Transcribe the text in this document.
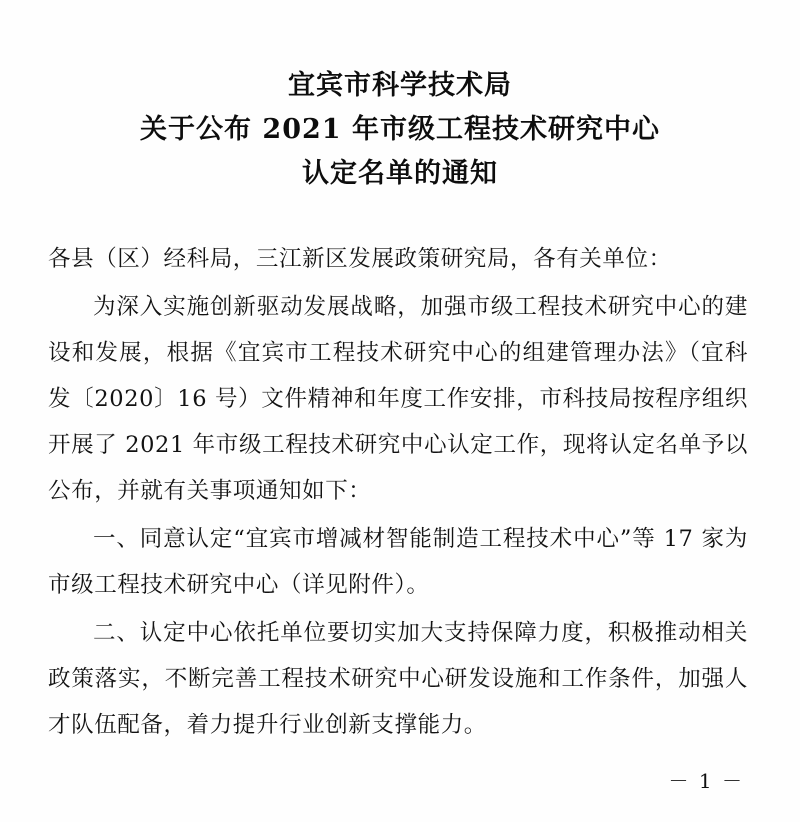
宜宾市科学技术局
关于公布 2021 年市级工程技术研究中心
认定名单的通知

各县（区）经科局，三江新区发展政策研究局，各有关单位：

为深入实施创新驱动发展战略，加强市级工程技术研究中心的建设和发展，根据《宜宾市工程技术研究中心的组建管理办法》（宜科发〔2020〕16 号）文件精神和年度工作安排，市科技局按程序组织开展了 2021 年市级工程技术研究中心认定工作，现将认定名单予以公布，并就有关事项通知如下：

一、同意认定“宜宾市增减材智能制造工程技术中心”等 17 家为市级工程技术研究中心（详见附件）。

二、认定中心依托单位要切实加大支持保障力度，积极推动相关政策落实，不断完善工程技术研究中心研发设施和工作条件，加强人才队伍配备，着力提升行业创新支撑能力。

－ 1 －
